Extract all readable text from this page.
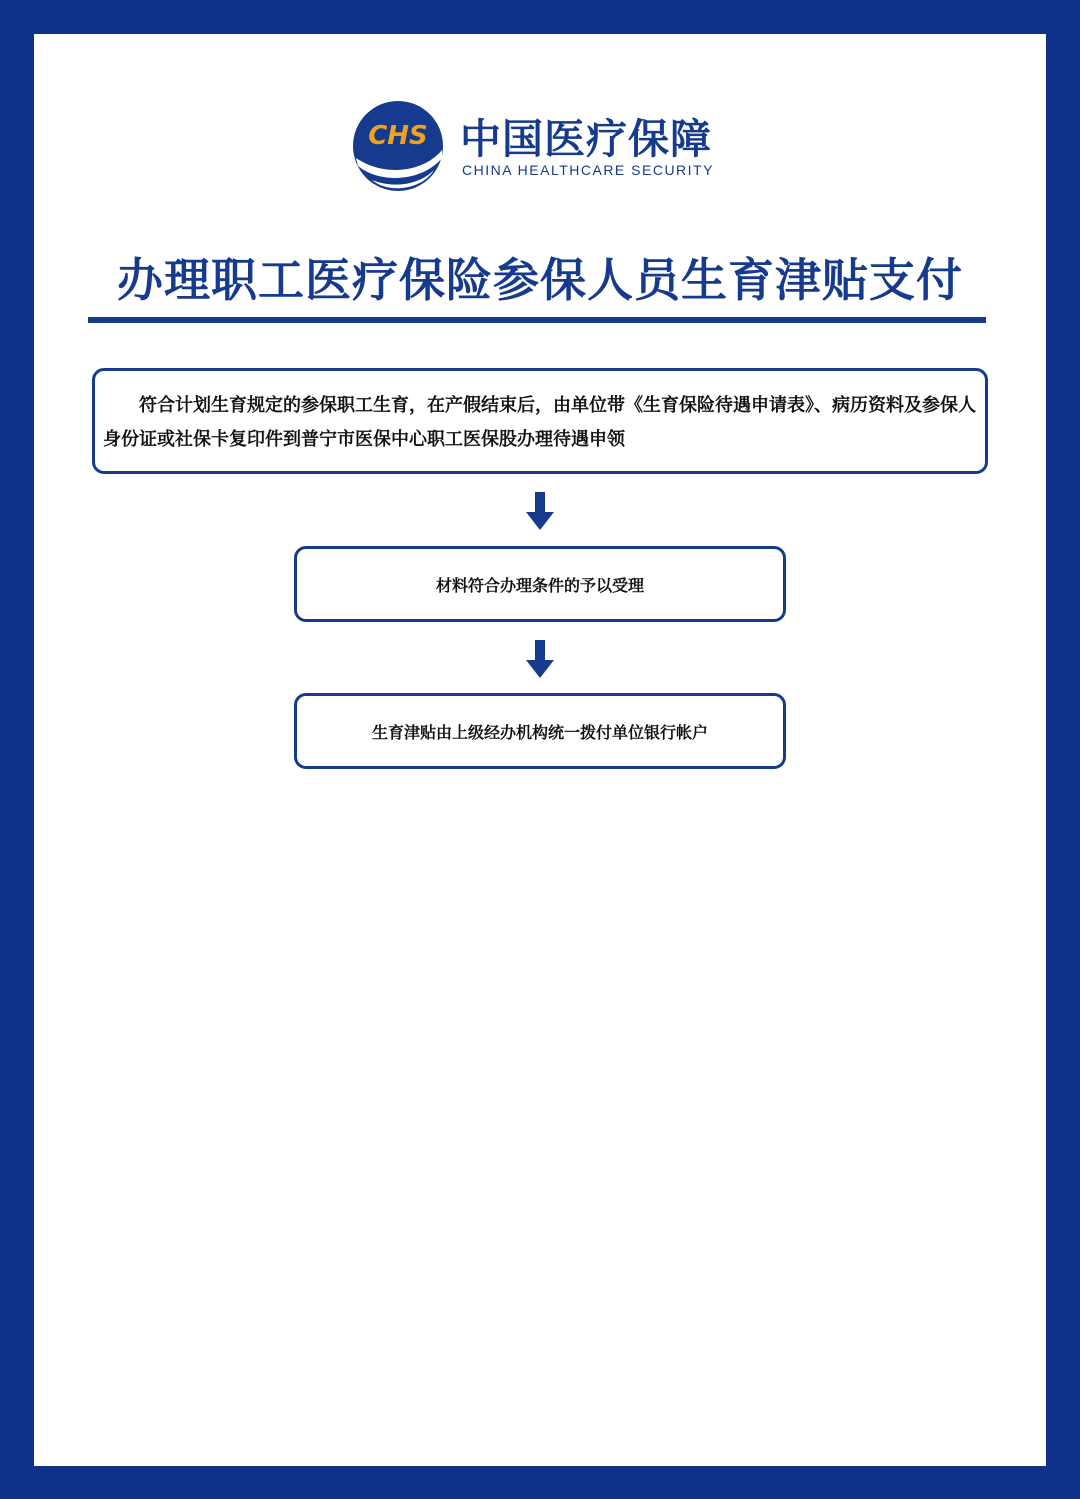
CHS 中国医疗保障
CHINA HEALTHCARE SECURITY
办理职工医疗保险参保人员生育津贴支付
符合计划生育规定的参保职工生育，在产假结束后，由单位带《生育保险待遇申请表》、病历资料及参保人身份证或社保卡复印件到普宁市医保中心职工医保股办理待遇申领
材料符合办理条件的予以受理
生育津贴由上级经办机构统一拨付单位银行帐户
